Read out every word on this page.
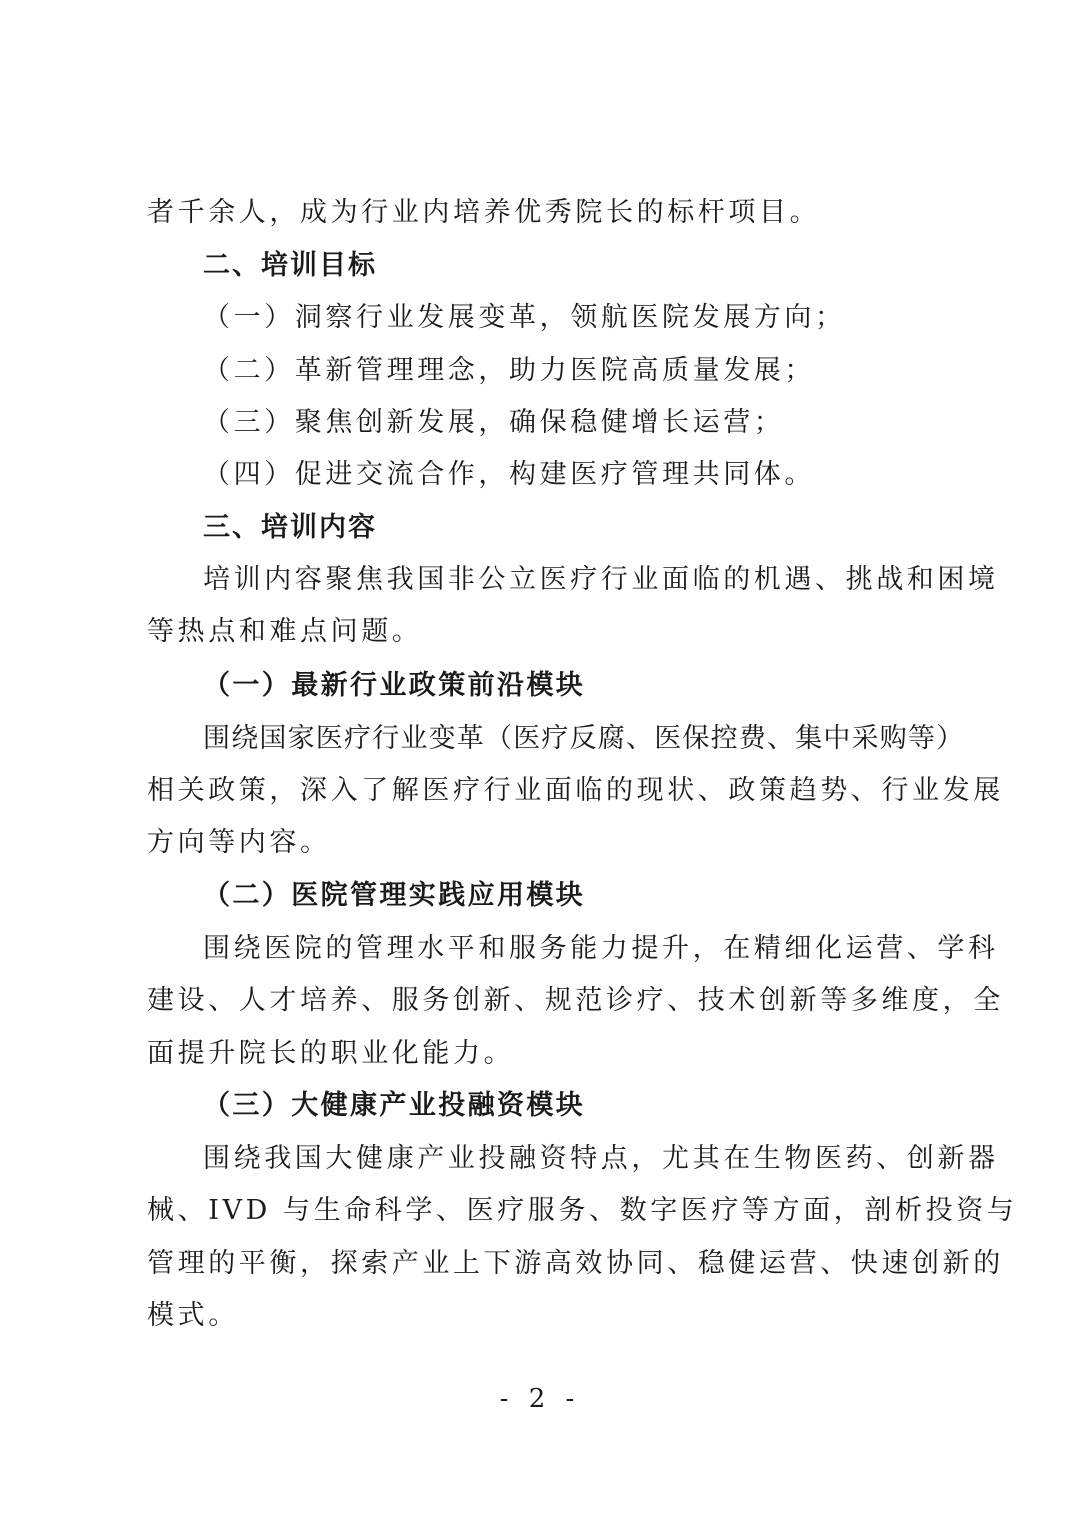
者千余人，成为行业内培养优秀院长的标杆项目。
二、培训目标
（一）洞察行业发展变革，领航医院发展方向；
（二）革新管理理念，助力医院高质量发展；
（三）聚焦创新发展，确保稳健增长运营；
（四）促进交流合作，构建医疗管理共同体。
三、培训内容
培训内容聚焦我国非公立医疗行业面临的机遇、挑战和困境
等热点和难点问题。
（一）最新行业政策前沿模块
围绕国家医疗行业变革（医疗反腐、医保控费、集中采购等）
相关政策，深入了解医疗行业面临的现状、政策趋势、行业发展
方向等内容。
（二）医院管理实践应用模块
围绕医院的管理水平和服务能力提升，在精细化运营、学科
建设、人才培养、服务创新、规范诊疗、技术创新等多维度，全
面提升院长的职业化能力。
（三）大健康产业投融资模块
围绕我国大健康产业投融资特点，尤其在生物医药、创新器
械、IVD 与生命科学、医疗服务、数字医疗等方面，剖析投资与
管理的平衡，探索产业上下游高效协同、稳健运营、快速创新的
模式。
- 2 -
